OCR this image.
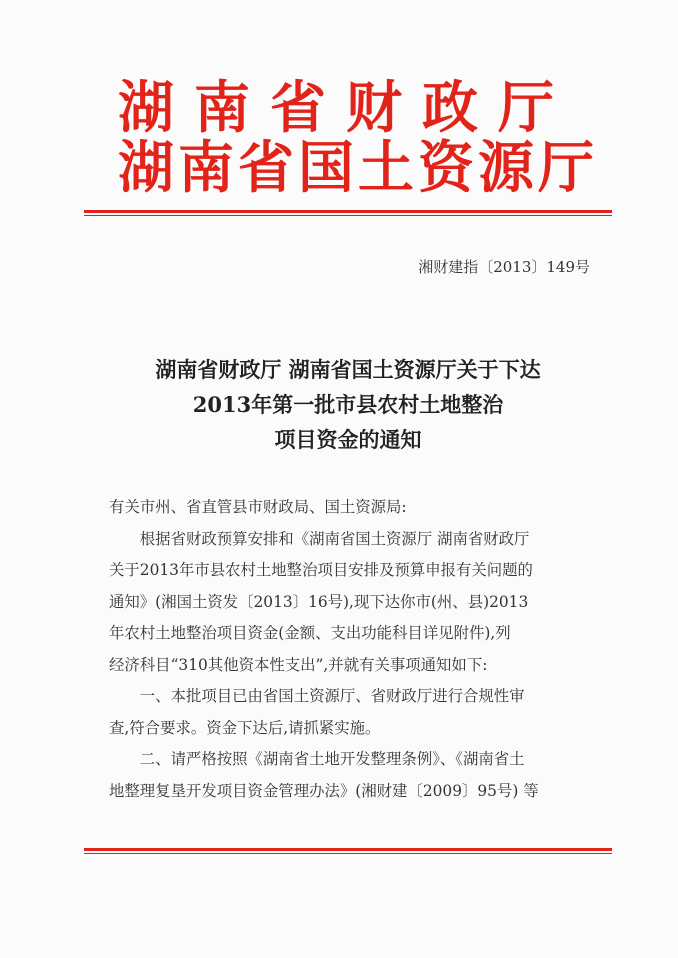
湖南省财政厅
湖南省国土资源厅
湘财建指〔2013〕149号
湖南省财政厅 湖南省国土资源厅关于下达
2013年第一批市县农村土地整治
项目资金的通知

有关市州、省直管县市财政局、国土资源局:

　　根据省财政预算安排和《湖南省国土资源厅 湖南省财政厅

关于2013年市县农村土地整治项目安排及预算申报有关问题的

通知》(湘国土资发〔2013〕16号),现下达你市(州、县)2013

年农村土地整治项目资金(金额、支出功能科目详见附件),列

经济科目“310其他资本性支出”,并就有关事项通知如下:

　　一、本批项目已由省国土资源厅、省财政厅进行合规性审

查,符合要求。资金下达后,请抓紧实施。

　　二、请严格按照《湖南省土地开发整理条例》、《湖南省土

地整理复垦开发项目资金管理办法》(湘财建〔2009〕95号) 等
